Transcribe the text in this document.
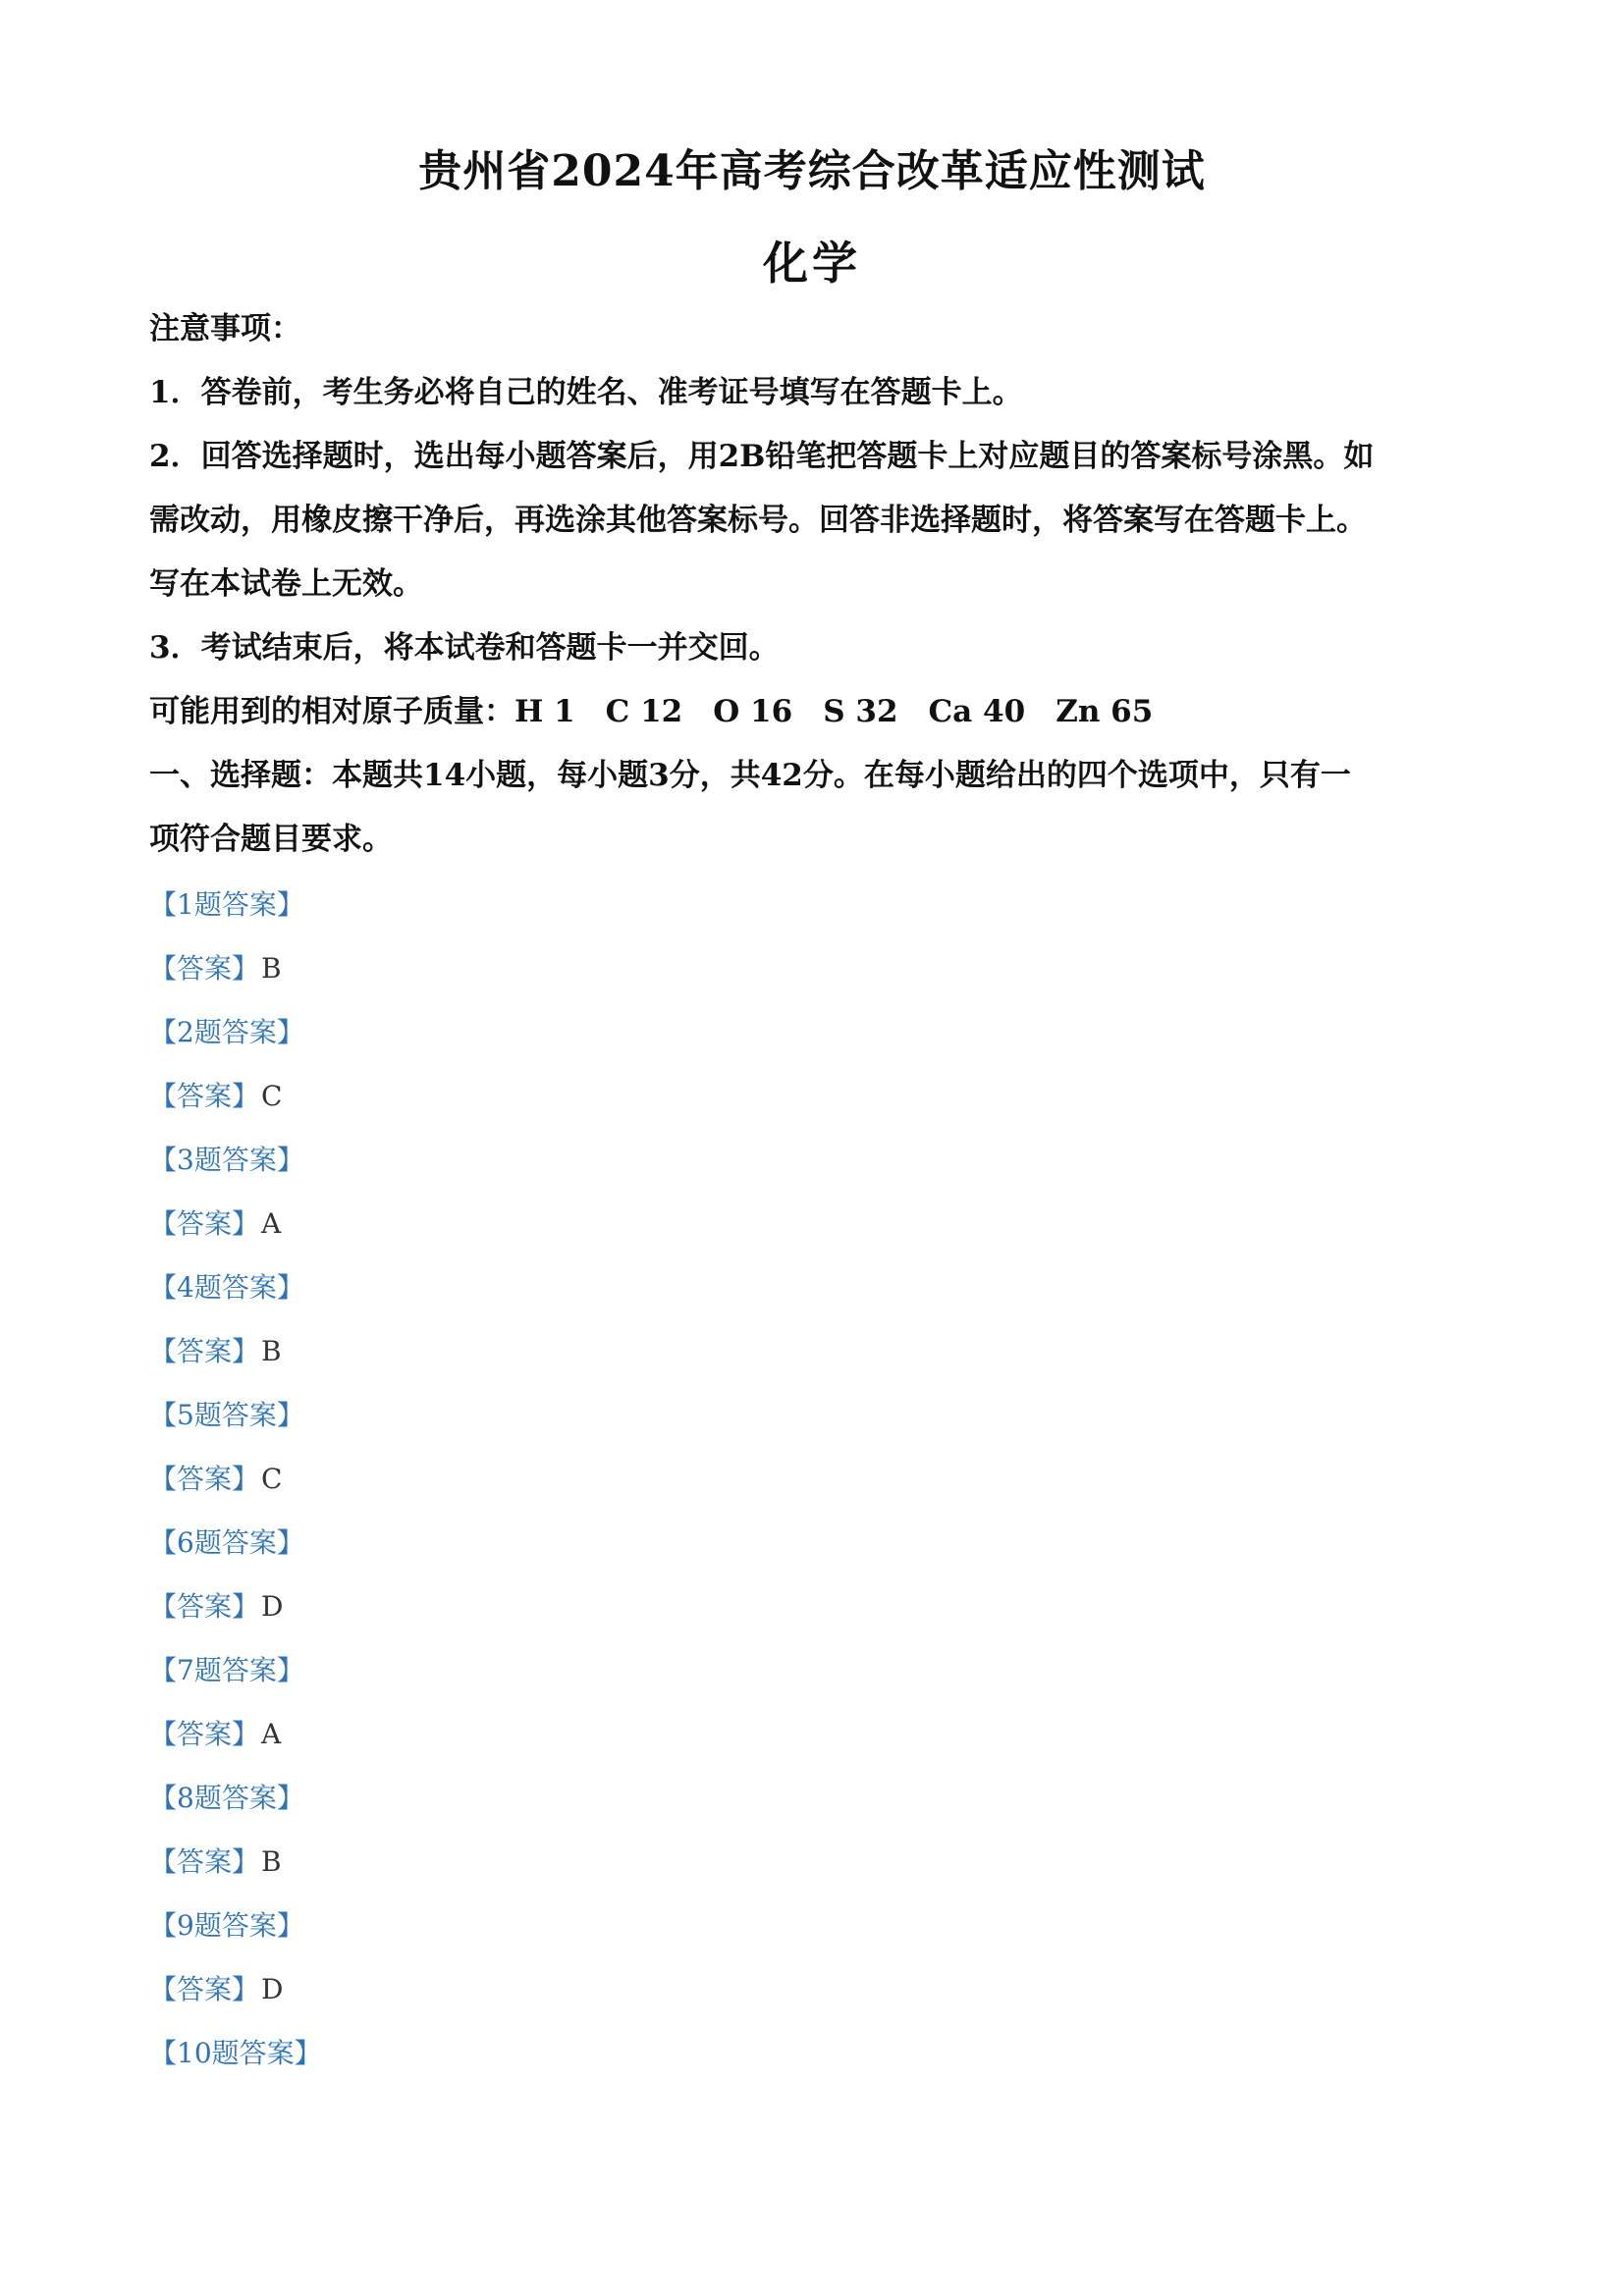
贵州省2024年高考综合改革适应性测试
化学

注意事项：

1．答卷前，考生务必将自己的姓名、准考证号填写在答题卡上。

2．回答选择题时，选出每小题答案后，用2B铅笔把答题卡上对应题目的答案标号涂黑。如

需改动，用橡皮擦干净后，再选涂其他答案标号。回答非选择题时，将答案写在答题卡上。

写在本试卷上无效。

3．考试结束后，将本试卷和答题卡一并交回。

可能用到的相对原子质量：H 1　C 12　O 16　S 32　Ca 40　Zn 65

一、选择题：本题共14小题，每小题3分，共42分。在每小题给出的四个选项中，只有一

项符合题目要求。

【1题答案】

【答案】B

【2题答案】

【答案】C

【3题答案】

【答案】A

【4题答案】

【答案】B

【5题答案】

【答案】C

【6题答案】

【答案】D

【7题答案】

【答案】A

【8题答案】

【答案】B

【9题答案】

【答案】D

【10题答案】
